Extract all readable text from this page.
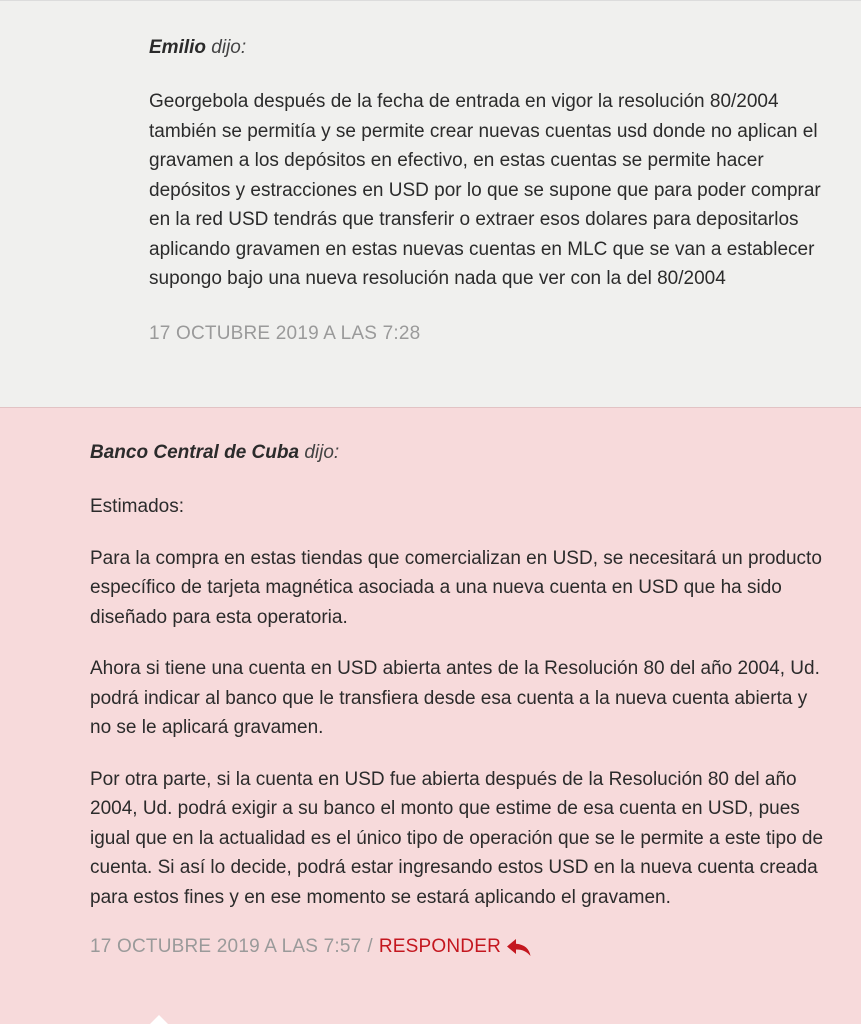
Emilio dijo:

Georgebola después de la fecha de entrada en vigor la resolución 80/2004 también se permitía y se permite crear nuevas cuentas usd donde no aplican el gravamen a los depósitos en efectivo, en estas cuentas se permite hacer depósitos y estracciones en USD por lo que se supone que para poder comprar en la red USD tendrás que transferir o extraer esos dolares para depositarlos aplicando gravamen en estas nuevas cuentas en MLC que se van a establecer supongo bajo una nueva resolución nada que ver con la del 80/2004

17 OCTUBRE 2019 A LAS 7:28
Banco Central de Cuba dijo:

Estimados:

Para la compra en estas tiendas que comercializan en USD, se necesitará un producto específico de tarjeta magnética asociada a una nueva cuenta en USD que ha sido diseñado para esta operatoria.

Ahora si tiene una cuenta en USD abierta antes de la Resolución 80 del año 2004, Ud. podrá indicar al banco que le transfiera desde esa cuenta a la nueva cuenta abierta y no se le aplicará gravamen.

Por otra parte, si la cuenta en USD fue abierta después de la Resolución 80 del año 2004, Ud. podrá exigir a su banco el monto que estime de esa cuenta en USD, pues igual que en la actualidad es el único tipo de operación que se le permite a este tipo de cuenta. Si así lo decide, podrá estar ingresando estos USD en la nueva cuenta creada para estos fines y en ese momento se estará aplicando el gravamen.

17 OCTUBRE 2019 A LAS 7:57 / RESPONDER
